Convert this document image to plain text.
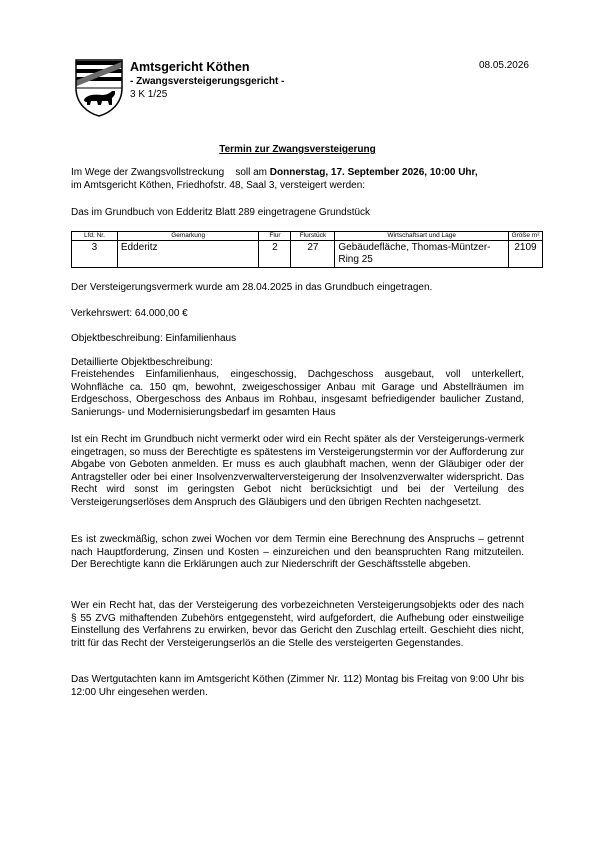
Amtsgericht Köthen
- Zwangsversteigerungsgericht -
3 K 1/25
08.05.2026
Termin zur Zwangsversteigerung
Im Wege der Zwangsvollstreckung    soll am Donnerstag, 17. September 2026, 10:00 Uhr,
im Amtsgericht Köthen, Friedhofstr. 48, Saal 3, versteigert werden:
Das im Grundbuch von Edderitz Blatt 289 eingetragene Grundstück
Lfd. Nr.	Gemarkung	Flur	Flurstück	Wirtschaftsart und Lage	Größe m²
3	Edderitz	2	27	Gebäudefläche, Thomas-Müntzer-Ring 25	2109
Der Versteigerungsvermerk wurde am 28.04.2025 in das Grundbuch eingetragen.
Verkehrswert: 64.000,00 €
Objektbeschreibung: Einfamilienhaus
Detaillierte Objektbeschreibung:
Freistehendes Einfamilienhaus, eingeschossig, Dachgeschoss ausgebaut, voll unterkellert, Wohnfläche ca. 150 qm, bewohnt, zweigeschossiger Anbau mit Garage und Abstellräumen im Erdgeschoss, Obergeschoss des Anbaus im Rohbau, insgesamt befriedigender baulicher Zustand, Sanierungs- und Modernisierungsbedarf im gesamten Haus
Ist ein Recht im Grundbuch nicht vermerkt oder wird ein Recht später als der Versteigerungs-vermerk eingetragen, so muss der Berechtigte es spätestens im Versteigerungstermin vor der Aufforderung zur Abgabe von Geboten anmelden. Er muss es auch glaubhaft machen, wenn der Gläubiger oder der Antragsteller oder bei einer Insolvenzverwalterversteigerung der Insolvenzverwalter widerspricht. Das Recht wird sonst im geringsten Gebot nicht berücksichtigt und bei der Verteilung des Versteigerungserlöses dem Anspruch des Gläubigers und den übrigen Rechten nachgesetzt.
Es ist zweckmäßig, schon zwei Wochen vor dem Termin eine Berechnung des Anspruchs – getrennt nach Hauptforderung, Zinsen und Kosten – einzureichen und den beanspruchten Rang mitzuteilen. Der Berechtigte kann die Erklärungen auch zur Niederschrift der Geschäftsstelle abgeben.
Wer ein Recht hat, das der Versteigerung des vorbezeichneten Versteigerungsobjekts oder des nach § 55 ZVG mithaftenden Zubehörs entgegensteht, wird aufgefordert, die Aufhebung oder einstweilige Einstellung des Verfahrens zu erwirken, bevor das Gericht den Zuschlag erteilt. Geschieht dies nicht, tritt für das Recht der Versteigerungserlös an die Stelle des versteigerten Gegenstandes.
Das Wertgutachten kann im Amtsgericht Köthen (Zimmer Nr. 112) Montag bis Freitag von 9:00 Uhr bis 12:00 Uhr eingesehen werden.
